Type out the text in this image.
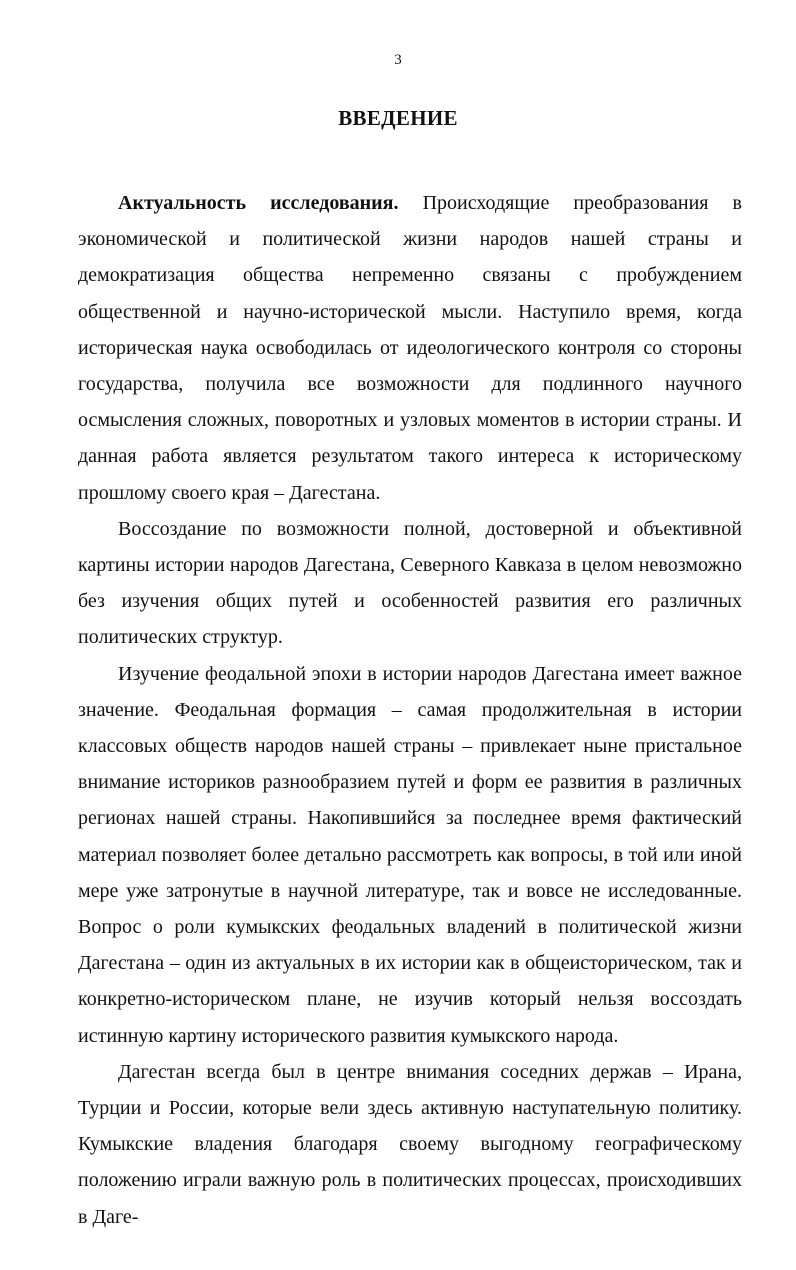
3
ВВЕДЕНИЕ

Актуальность исследования. Происходящие преобразования в экономической и политической жизни народов нашей страны и демократизация общества непременно связаны с пробуждением общественной и научно-исторической мысли. Наступило время, когда историческая наука освободилась от идеологического контроля со стороны государства, получила все возможности для подлинного научного осмысления сложных, поворотных и узловых моментов в истории страны. И данная работа является результатом такого интереса к историческому прошлому своего края – Дагестана.

Воссоздание по возможности полной, достоверной и объективной картины истории народов Дагестана, Северного Кавказа в целом невозможно без изучения общих путей и особенностей развития его различных политических структур.

Изучение феодальной эпохи в истории народов Дагестана имеет важное значение. Феодальная формация – самая продолжительная в истории классовых обществ народов нашей страны – привлекает ныне пристальное внимание историков разнообразием путей и форм ее развития в различных регионах нашей страны. Накопившийся за последнее время фактический материал позволяет более детально рассмотреть как вопросы, в той или иной мере уже затронутые в научной литературе, так и вовсе не исследованные. Вопрос о роли кумыкских феодальных владений в политической жизни Дагестана – один из актуальных в их истории как в общеисторическом, так и конкретно-историческом плане, не изучив который нельзя воссоздать истинную картину исторического развития кумыкского народа.

Дагестан всегда был в центре внимания соседних держав – Ирана, Турции и России, которые вели здесь активную наступательную политику. Кумыкские владения благодаря своему выгодному географическому положению играли важную роль в политических процессах, происходивших в Даге-
